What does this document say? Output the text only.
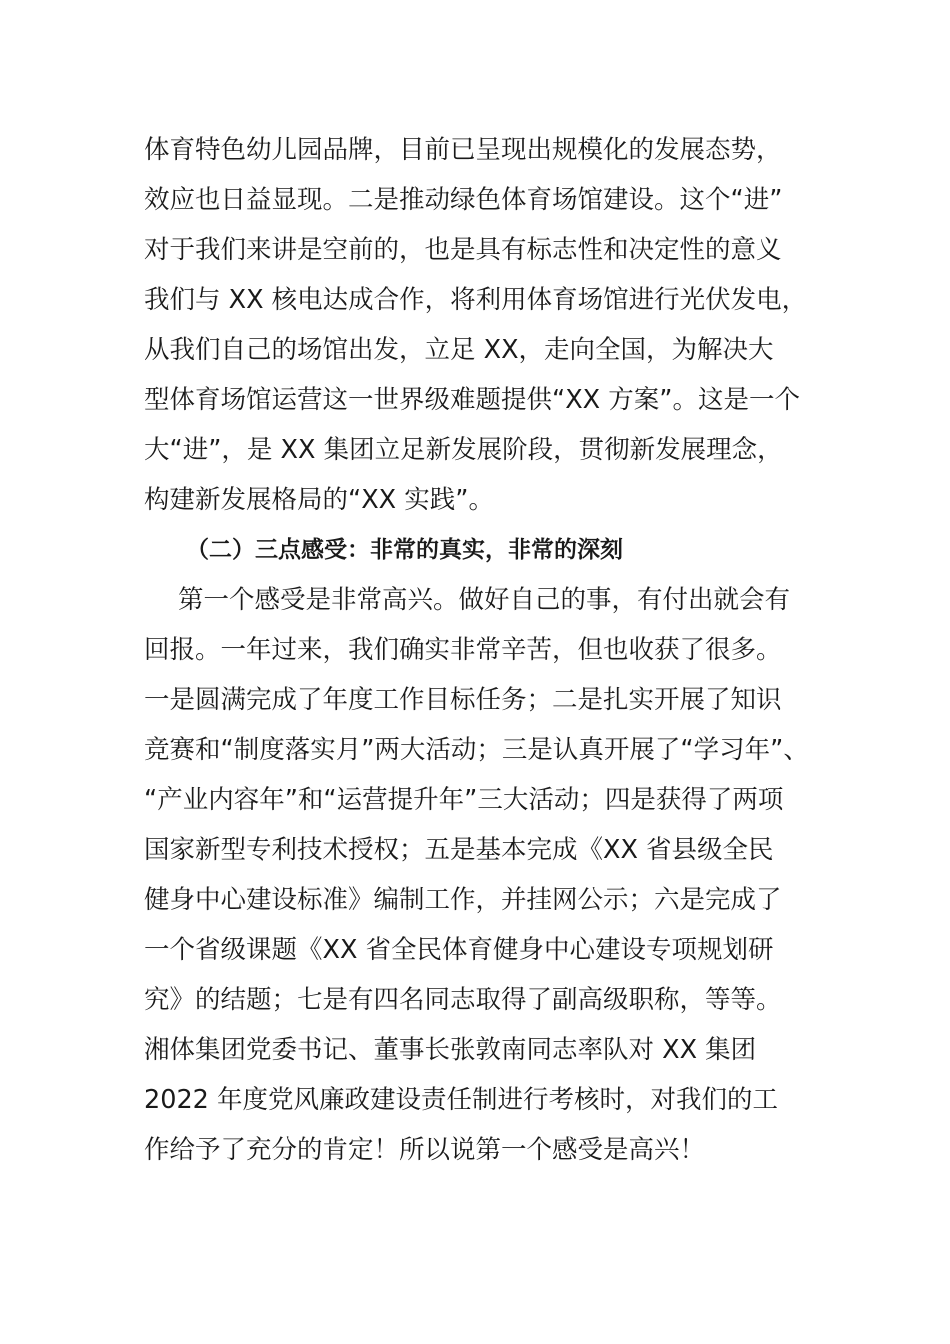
体育特色幼儿园品牌，目前已呈现出规模化的发展态势，
效应也日益显现。二是推动绿色体育场馆建设。这个“进”
对于我们来讲是空前的，也是具有标志性和决定性的意义
我们与 XX 核电达成合作，将利用体育场馆进行光伏发电，
从我们自己的场馆出发，立足 XX，走向全国，为解决大
型体育场馆运营这一世界级难题提供“XX 方案”。这是一个
大“进”，是 XX 集团立足新发展阶段，贯彻新发展理念，
构建新发展格局的“XX 实践”。
（二）三点感受：非常的真实，非常的深刻
第一个感受是非常高兴。做好自己的事，有付出就会有
回报。一年过来，我们确实非常辛苦，但也收获了很多。
一是圆满完成了年度工作目标任务；二是扎实开展了知识
竞赛和“制度落实月”两大活动；三是认真开展了“学习年”、
“产业内容年”和“运营提升年”三大活动；四是获得了两项
国家新型专利技术授权；五是基本完成《XX 省县级全民
健身中心建设标准》编制工作，并挂网公示；六是完成了
一个省级课题《XX 省全民体育健身中心建设专项规划研
究》的结题；七是有四名同志取得了副高级职称，等等。
湘体集团党委书记、董事长张敦南同志率队对 XX 集团
2022 年度党风廉政建设责任制进行考核时，对我们的工
作给予了充分的肯定！所以说第一个感受是高兴！
